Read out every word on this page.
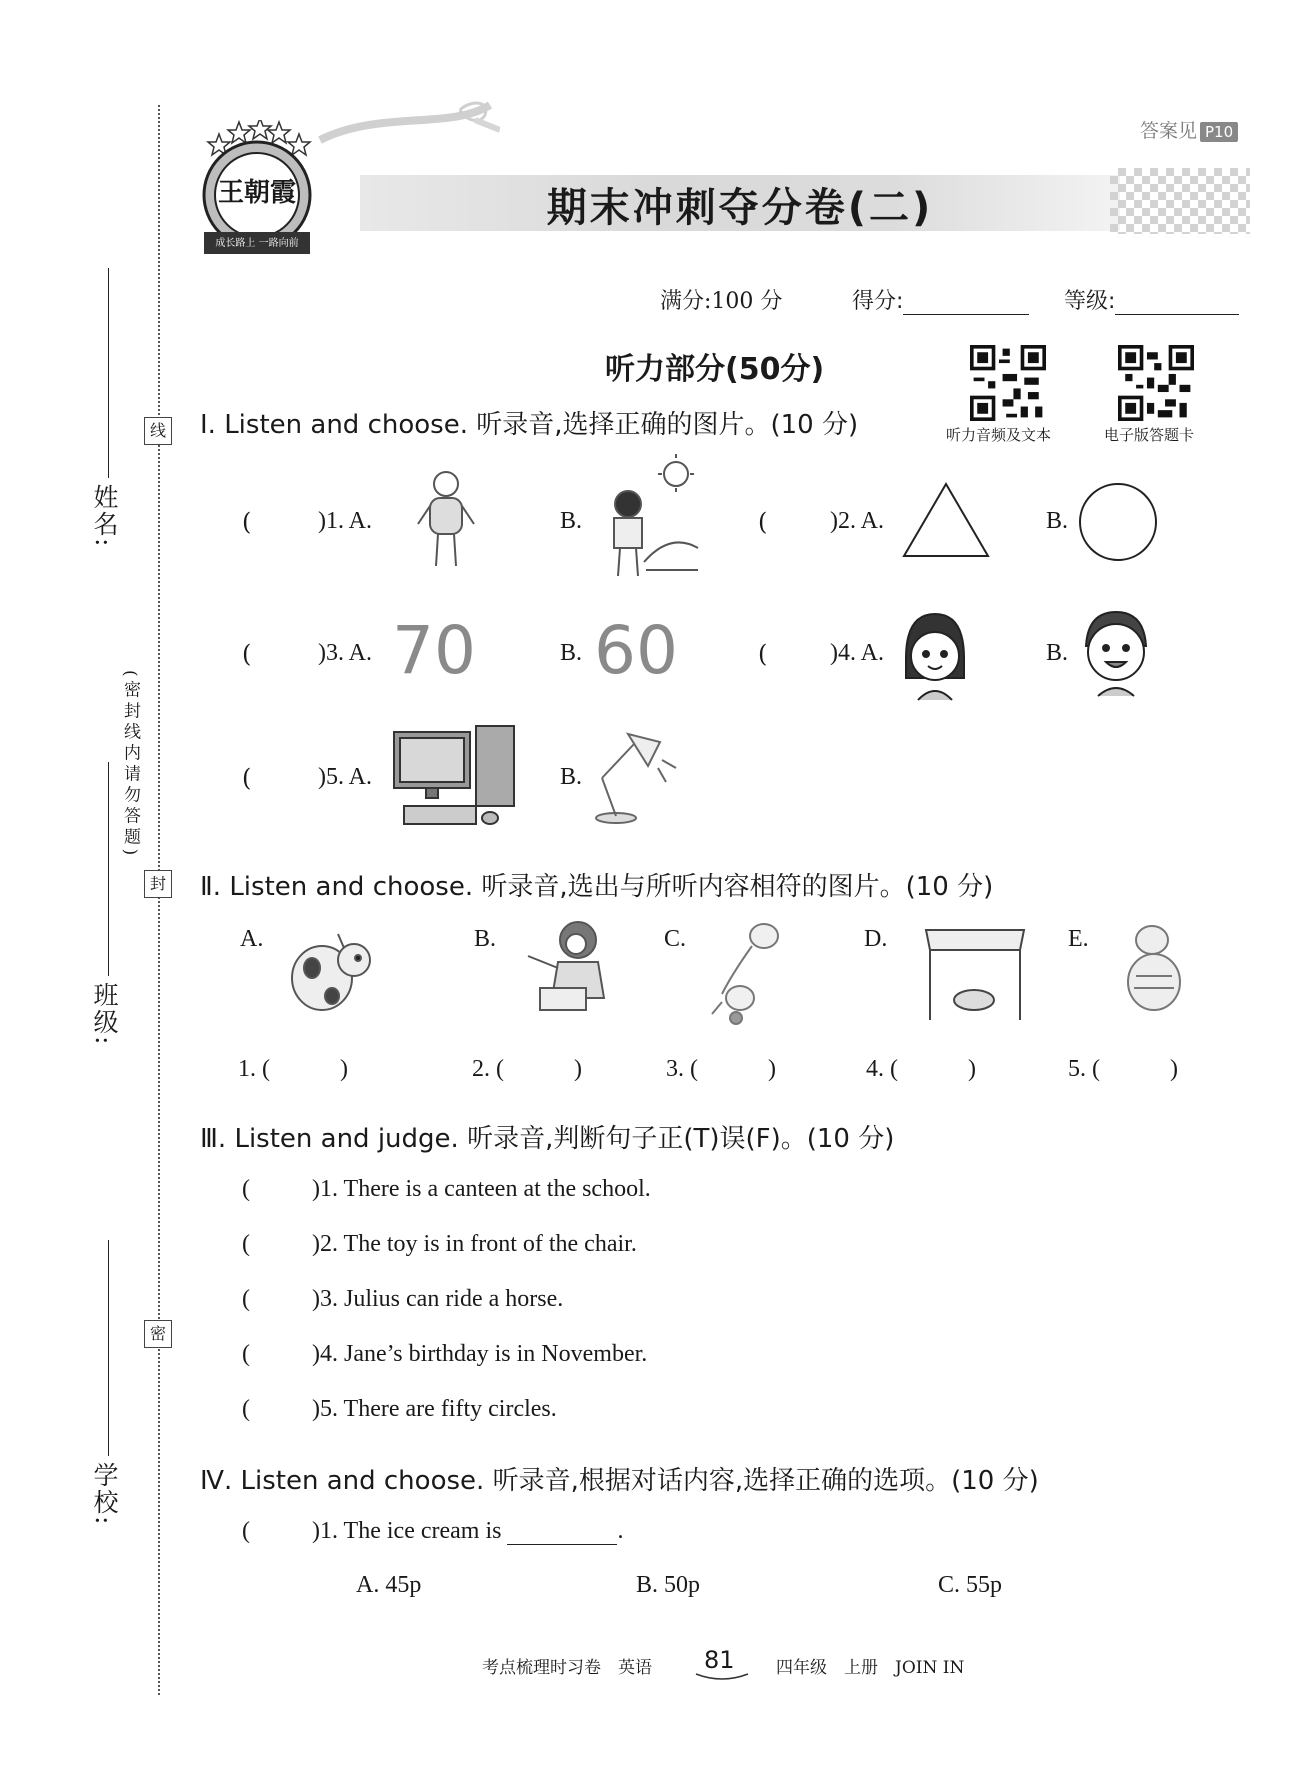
姓名:
班级:
学校:
线
封
密
(密封线内请勿答题)
王朝霞
成长路上 一路向前
期末冲刺夺分卷(二)
答案见 P10
满分:100 分	得分:	等级:
听力部分(50分)
听力音频及文本	电子版答题卡
Ⅰ. Listen and choose. 听录音,选择正确的图片。(10 分)
(	)1. A.	B.	(	)2. A.	B.
(	)3. A. 70	B. 60	(	)4. A.	B.
(	)5. A.	B.
Ⅱ. Listen and choose. 听录音,选出与所听内容相符的图片。(10 分)
A.	B.	C.	D.	E.
1. (	)	2. (	)	3. (	)	4. (	)	5. (	)
Ⅲ. Listen and judge. 听录音,判断句子正(T)误(F)。(10 分)
(	)1. There is a canteen at the school.
(	)2. The toy is in front of the chair.
(	)3. Julius can ride a horse.
(	)4. Jane’s birthday is in November.
(	)5. There are fifty circles.
Ⅳ. Listen and choose. 听录音,根据对话内容,选择正确的选项。(10 分)
(	)1. The ice cream is	.
A. 45p	B. 50p	C. 55p
考点梳理时习卷　英语 81 四年级　上册　JOIN IN
